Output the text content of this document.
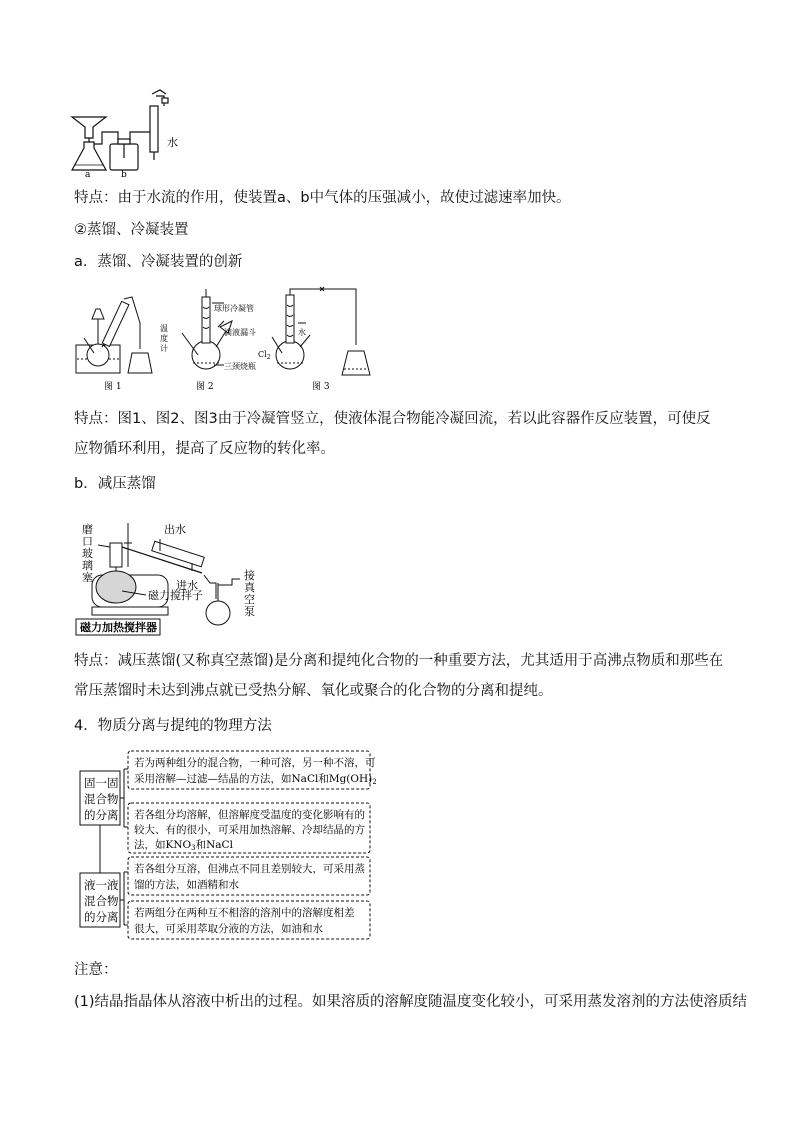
a	b
水
特点：由于水流的作用，使装置a、b中气体的压强减小，故使过滤速率加快。
②蒸馏、冷凝装置
a．蒸馏、冷凝装置的创新
球形冷凝管
滴液漏斗
三颈烧瓶
温
度
计
水
$Cl_2$
图 1	图 2	图 3
特点：图1、图2、图3由于冷凝管竖立，使液体混合物能冷凝回流，若以此容器作反应装置，可使反应物循环利用，提高了反应物的转化率。
b．减压蒸馏
磨
口
玻
璃
塞
出水
进水
磁力搅拌子
接
真
空
泵
磁力加热搅拌器
特点：减压蒸馏(又称真空蒸馏)是分离和提纯化合物的一种重要方法，尤其适用于高沸点物质和那些在常压蒸馏时未达到沸点就已受热分解、氧化或聚合的化合物的分离和提纯。
4．物质分离与提纯的物理方法
固一固
混合物
的分离
液一液
混合物
的分离
若为两种组分的混合物，一种可溶，另一种不溶，可
采用溶解—过滤—结晶的方法，如NaCl和Mg(OH)2
若各组分均溶解，但溶解度受温度的变化影响有的
较大、有的很小，可采用加热溶解、冷却结晶的方
法，如KNO3和NaCl
若各组分互溶，但沸点不同且差别较大，可采用蒸
馏的方法，如酒精和水
若两组分在两种互不相溶的溶剂中的溶解度相差
很大，可采用萃取分液的方法，如油和水
注意：
(1)结晶指晶体从溶液中析出的过程。如果溶质的溶解度随温度变化较小，可采用蒸发溶剂的方法使溶质结
